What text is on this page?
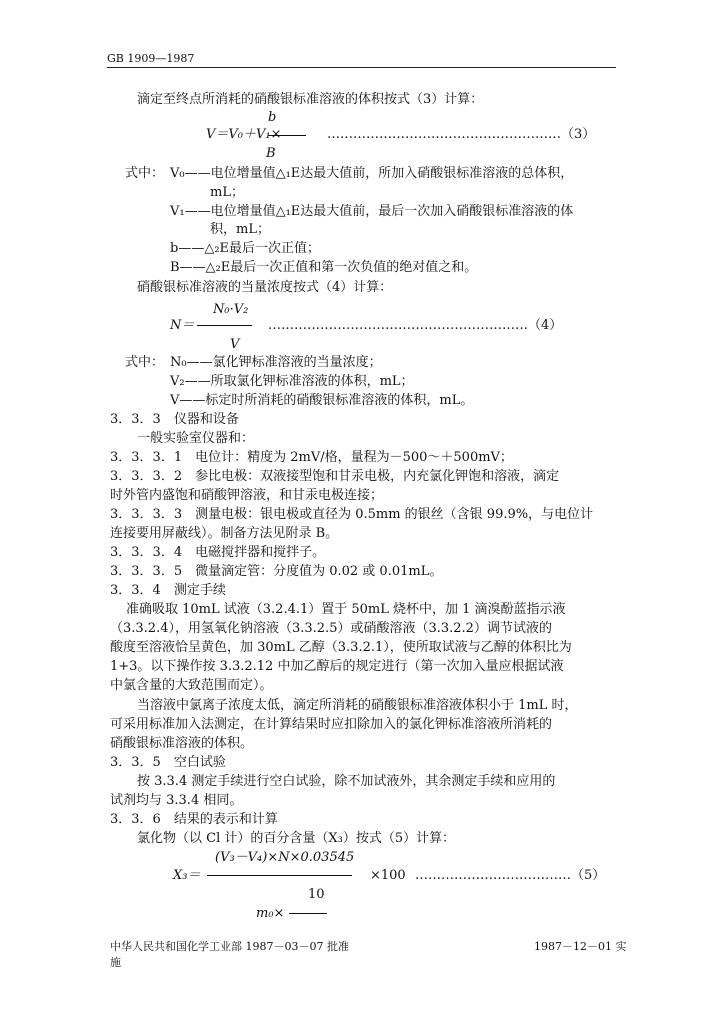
GB 1909—1987
b
V＝V₀＋V₁×	………………………………………………（3）
B
N₀·V₂
N＝	……………………………………………………（4）
V
(V₃－V₄)×N×0.03545
X₃＝	×100 ………………………………（5）
10
m₀×
滴定至终点所消耗的硝酸银标准溶液的体积按式（3）计算：
式中： V₀——电位增量值△₁E达最大值前，所加入硝酸银标准溶液的总体积，
mL；
V₁——电位增量值△₁E达最大值前，最后一次加入硝酸银标准溶液的体
积，mL；
b——△₂E最后一次正值；
B——△₂E最后一次正值和第一次负值的绝对值之和。
硝酸银标准溶液的当量浓度按式（4）计算：
式中： N₀——氯化钾标准溶液的当量浓度；
V₂——所取氯化钾标准溶液的体积，mL；
V——标定时所消耗的硝酸银标准溶液的体积，mL。
3．3．3　仪器和设备
一般实验室仪器和：
3．3．3．1　电位计：精度为 2mV/格，量程为－500～＋500mV；
3．3．3．2　参比电极：双液接型饱和甘汞电极，内充氯化钾饱和溶液，滴定
时外管内盛饱和硝酸钾溶液，和甘汞电极连接；
3．3．3．3　测量电极：银电极或直径为 0.5mm 的银丝（含银 99.9%，与电位计
连接要用屏蔽线）。制备方法见附录 B。
3．3．3．4　电磁搅拌器和搅拌子。
3．3．3．5　微量滴定管：分度值为 0.02 或 0.01mL。
3．3．4　测定手续
准确吸取 10mL 试液（3.2.4.1）置于 50mL 烧杯中，加 1 滴溴酚蓝指示液
（3.3.2.4），用氢氧化钠溶液（3.3.2.5）或硝酸溶液（3.3.2.2）调节试液的
酸度至溶液恰呈黄色，加 30mL 乙醇（3.3.2.1），使所取试液与乙醇的体积比为
1+3。以下操作按 3.3.2.12 中加乙醇后的规定进行（第一次加入量应根据试液
中氯含量的大致范围而定）。
当溶液中氯离子浓度太低，滴定所消耗的硝酸银标准溶液体积小于 1mL 时，
可采用标准加入法测定，在计算结果时应扣除加入的氯化钾标准溶液所消耗的
硝酸银标准溶液的体积。
3．3．5　空白试验
按 3.3.4 测定手续进行空白试验，除不加试液外，其余测定手续和应用的
试剂均与 3.3.4 相同。
3．3．6　结果的表示和计算
氯化物（以 Cl 计）的百分含量（X₃）按式（5）计算：
中华人民共和国化学工业部 1987－03－07 批准	1987－12－01 实
施
